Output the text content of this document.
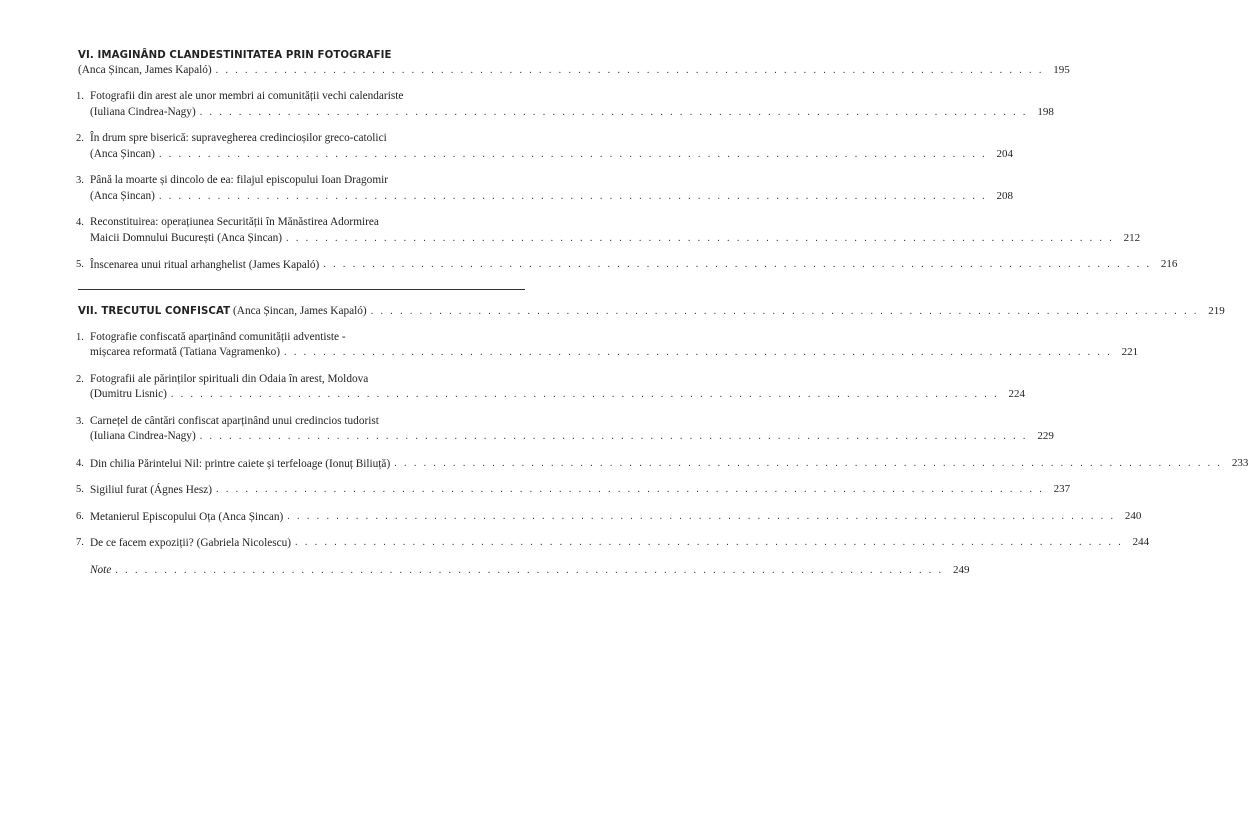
VI. IMAGINÂND CLANDESTINITATEA PRIN FOTOGRAFIE
(Anca Șincan, James Kapaló) . . . . . . . . . . . . . . . . . . . . . . . . . . . . . . . . . . . . . . . . . . . . . . . . . . . . . . . . . . . . . . . . . . . . . . . . . . . . . . . . . . . . . 195
1. Fotografii din arest ale unor membri ai comunității vechi calendariste
(Iuliana Cindrea-Nagy) . . . . . . . . . . . . . . . . . . . . . . . . . . . . . . . . . . . . . . . . . . . . . . . . . . . . . . . . . . . . . . . . . . . . . . . . . . . . . . . . . . . . . 198
2. În drum spre biserică: supravegherea credincioșilor greco-catolici
(Anca Șincan) . . . . . . . . . . . . . . . . . . . . . . . . . . . . . . . . . . . . . . . . . . . . . . . . . . . . . . . . . . . . . . . . . . . . . . . . . . . . . . . . . . . . . 204
3. Până la moarte și dincolo de ea: filajul episcopului Ioan Dragomir
(Anca Șincan) . . . . . . . . . . . . . . . . . . . . . . . . . . . . . . . . . . . . . . . . . . . . . . . . . . . . . . . . . . . . . . . . . . . . . . . . . . . . . . . . . . . . . 208
4. Reconstituirea: operațiunea Securității în Mănăstirea Adormirea
Maicii Domnului București (Anca Șincan) . . . . . . . . . . . . . . . . . . . . . . . . . . . . . . . . . . . . . . . . . . . . . . . . . . . . . . . . . . . . . . . . . . . . . . . . . . . . . . . . . . . . . 212
5. Înscenarea unui ritual arhanghelist (James Kapaló) . . . . . . . . . . . . . . . . . . . . . . . . . . . . . . . . . . . . . . . . . . . . . . . . . . . . . . . . . . . . . . . . . . . . . . . . . . . . . . . . . . . . . 216
VII. TRECUTUL CONFISCAT (Anca Șincan, James Kapaló) . . . . . . . . . . . . . . . . . . . . . . . . . . . . . . . . . . . . . . . . . . . . . . . . . . . . . . . . . . . . . . . . . . . . . . . . . . . . . . . . . . . . . 219
1. Fotografie confiscată aparținând comunității adventiste -
mișcarea reformată (Tatiana Vagramenko) . . . . . . . . . . . . . . . . . . . . . . . . . . . . . . . . . . . . . . . . . . . . . . . . . . . . . . . . . . . . . . . . . . . . . . . . . . . . . . . . . . . . . 221
2. Fotografii ale părinților spirituali din Odaia în arest, Moldova
(Dumitru Lisnic) . . . . . . . . . . . . . . . . . . . . . . . . . . . . . . . . . . . . . . . . . . . . . . . . . . . . . . . . . . . . . . . . . . . . . . . . . . . . . . . . . . . . . 224
3. Carnețel de cântări confiscat aparținând unui credincios tudorist
(Iuliana Cindrea-Nagy) . . . . . . . . . . . . . . . . . . . . . . . . . . . . . . . . . . . . . . . . . . . . . . . . . . . . . . . . . . . . . . . . . . . . . . . . . . . . . . . . . . . . . 229
4. Din chilia Părintelui Nil: printre caiete și terfeloage (Ionuț Biliuță) . . . . . . . . . . . . . . . . . . . . . . . . . . . . . . . . . . . . . . . . . . . . . . . . . . . . . . . . . . . . . . . . . . . . . . . . . . . . . . . . . . . . . 233
5. Sigiliul furat (Ágnes Hesz) . . . . . . . . . . . . . . . . . . . . . . . . . . . . . . . . . . . . . . . . . . . . . . . . . . . . . . . . . . . . . . . . . . . . . . . . . . . . . . . . . . . . . 237
6. Metanierul Episcopului Oța (Anca Șincan) . . . . . . . . . . . . . . . . . . . . . . . . . . . . . . . . . . . . . . . . . . . . . . . . . . . . . . . . . . . . . . . . . . . . . . . . . . . . . . . . . . . . . 240
7. De ce facem expoziții? (Gabriela Nicolescu) . . . . . . . . . . . . . . . . . . . . . . . . . . . . . . . . . . . . . . . . . . . . . . . . . . . . . . . . . . . . . . . . . . . . . . . . . . . . . . . . . . . . . 244
Note . . . . . . . . . . . . . . . . . . . . . . . . . . . . . . . . . . . . . . . . . . . . . . . . . . . . . . . . . . . . . . . . . . . . . . . . . . . . . . . . . . . . . 249
